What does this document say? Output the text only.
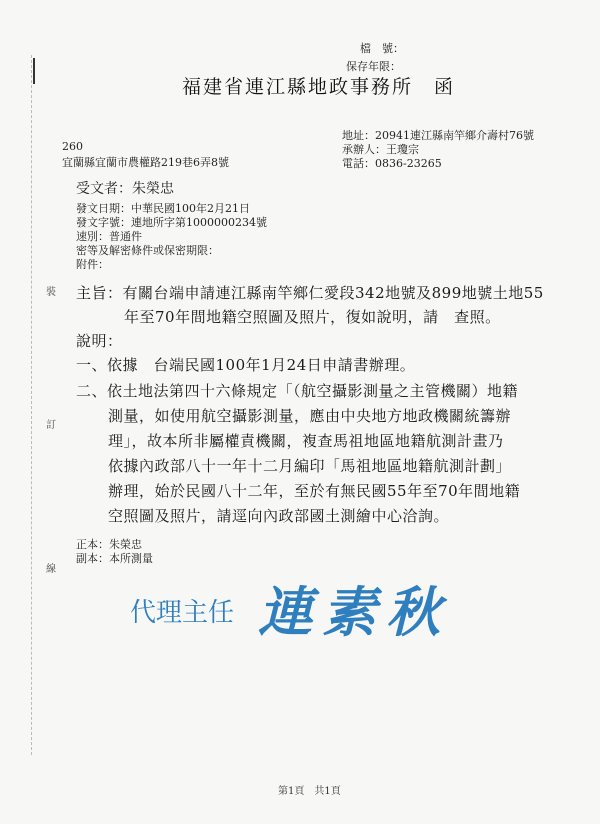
裝
訂
線
檔　號：
保存年限：
福建省連江縣地政事務所　函
地址：20941連江縣南竿鄉介壽村76號
承辦人：王瓊宗
電話：0836-23265
260
宜蘭縣宜蘭市農權路219巷6弄8號
受文者：朱榮忠
發文日期：中華民國100年2月21日
發文字號：連地所字第1000000234號
速別：普通件
密等及解密條件或保密期限：
附件：
主旨：有關台端申請連江縣南竿鄉仁愛段342地號及899地號土地55
年至70年間地籍空照圖及照片，復如說明，請　查照。
說明：
一、依據　台端民國100年1月24日申請書辦理。
二、依土地法第四十六條規定「（航空攝影測量之主管機關）地籍
測量，如使用航空攝影測量，應由中央地方地政機關統籌辦
理」，故本所非屬權責機關，複查馬祖地區地籍航測計畫乃
依據內政部八十一年十二月編印「馬祖地區地籍航測計劃」
辦理，始於民國八十二年，至於有無民國55年至70年間地籍
空照圖及照片，請逕向內政部國土測繪中心洽詢。
正本：朱榮忠
副本：本所測量
代理主任 連素秋
第1頁　共1頁
